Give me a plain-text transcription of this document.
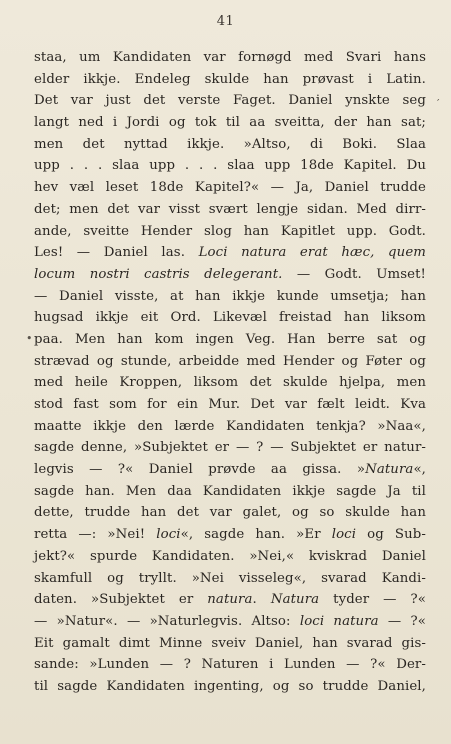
41
staa, um Kandidaten var fornøgd med Svari hans
elder ikkje. Endeleg skulde han prøvast i Latin.
Det var just det verste Faget. Daniel ynskte seg
langt ned i Jordi og tok til aa sveitta, der han sat;
men det nyttad ikkje. »Altso, di Boki. Slaa
upp . . . slaa upp . . . slaa upp 18de Kapitel. Du
hev væl leset 18de Kapitel?« — Ja, Daniel trudde
det; men det var visst svært lengje sidan. Med dirr-
ande, sveitte Hender slog han Kapitlet upp. Godt.
Les! — Daniel las. Loci natura erat hæc, quem
locum nostri castris delegerant. — Godt. Umset!
— Daniel visste, at han ikkje kunde umsetja; han
hugsad ikkje eit Ord. Likevæl freistad han liksom
paa. Men han kom ingen Veg. Han berre sat og
strævad og stunde, arbeidde med Hender og Føter og
med heile Kroppen, liksom det skulde hjelpa, men
stod fast som for ein Mur. Det var fælt leidt. Kva
maatte ikkje den lærde Kandidaten tenkja? »Naa«,
sagde denne, »Subjektet er — ? — Subjektet er natur-
legvis — ?« Daniel prøvde aa gissa. »Natura«,
sagde han. Men daa Kandidaten ikkje sagde Ja til
dette, trudde han det var galet, og so skulde han
retta —: »Nei! loci«, sagde han. »Er loci og Sub-
jekt?« spurde Kandidaten. »Nei,« kviskrad Daniel
skamfull og tryllt. »Nei visseleg«, svarad Kandi-
daten. »Subjektet er natura. Natura tyder — ?«
— »Natur«. — »Naturlegvis. Altso: loci natura — ?«
Eit gamalt dimt Minne sveiv Daniel, han svarad gis-
sande: »Lunden — ? Naturen i Lunden — ?« Der-
til sagde Kandidaten ingenting, og so trudde Daniel,
′
•
